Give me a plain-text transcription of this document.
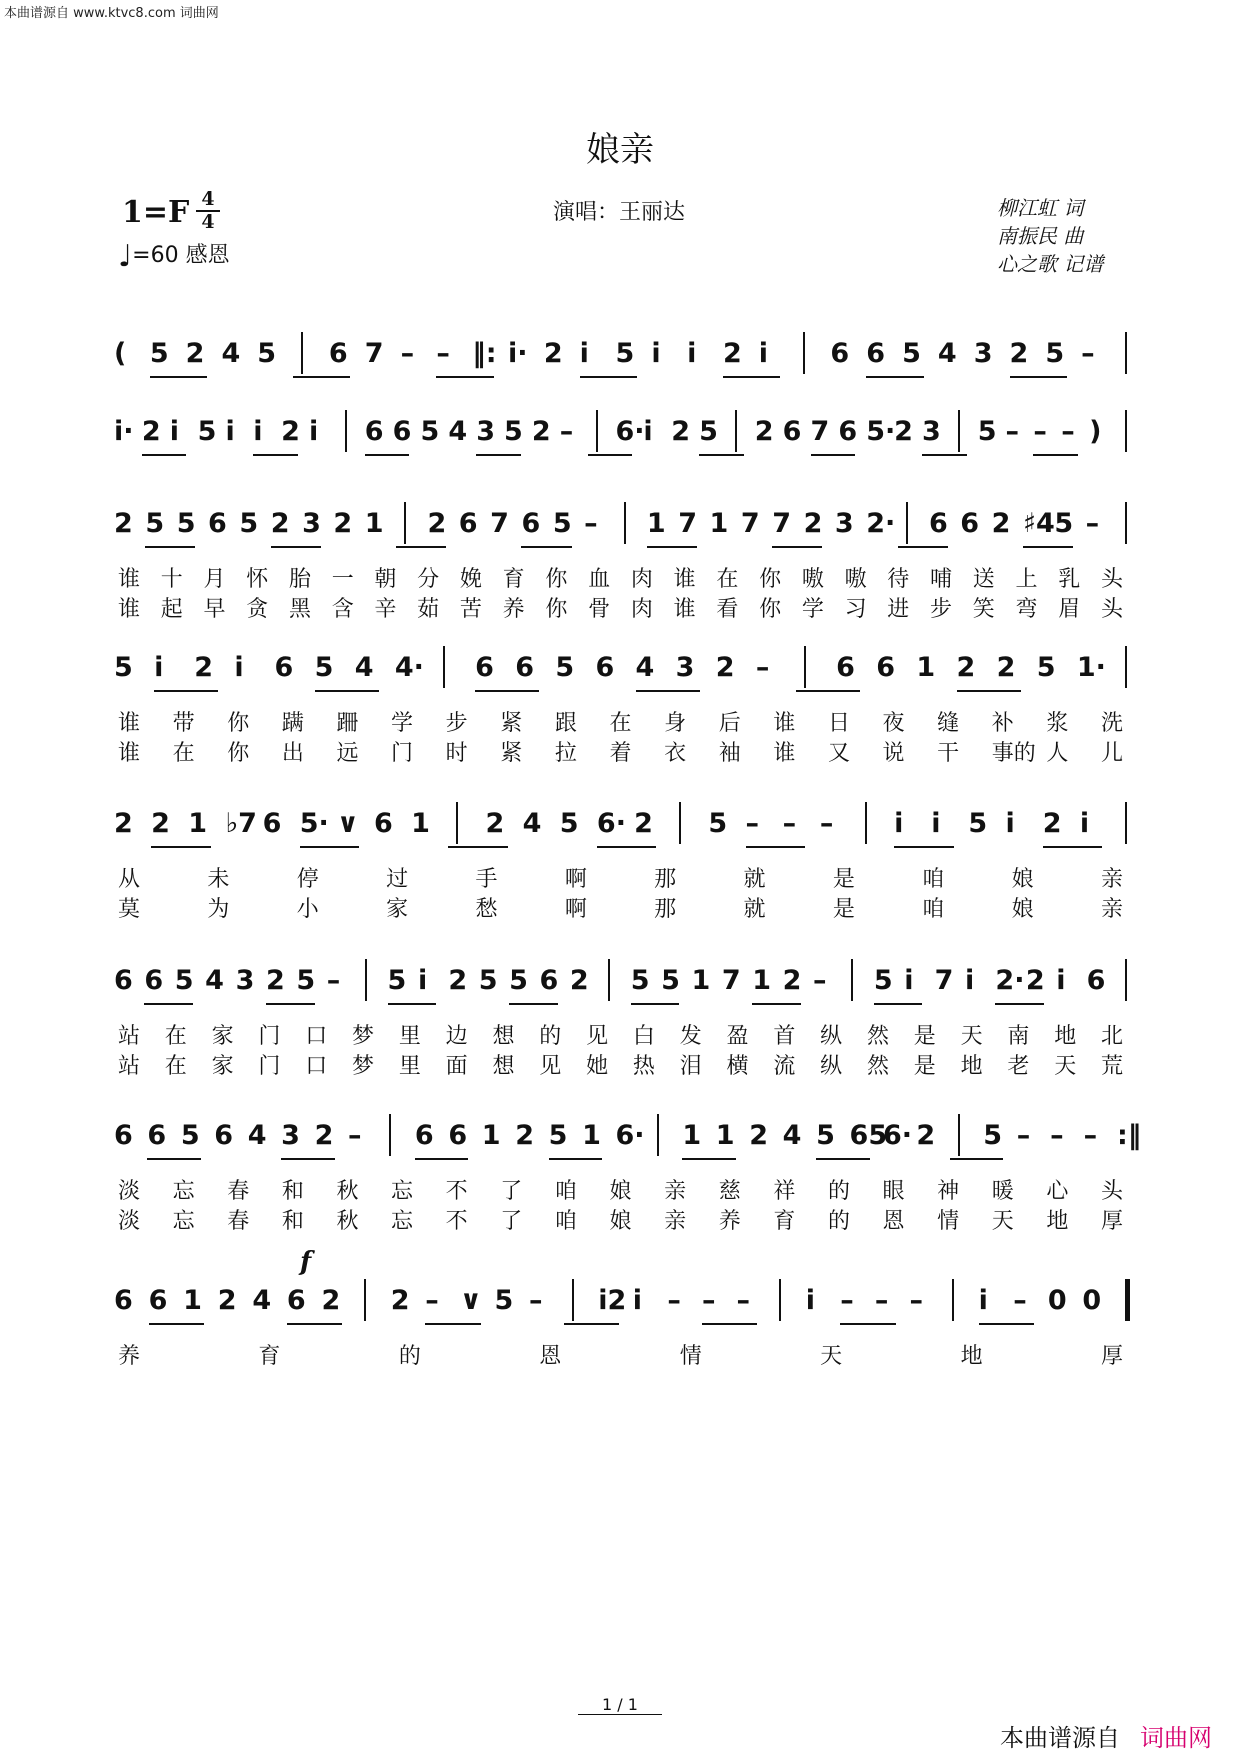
本曲谱源自 www.ktvc8.com 词曲网
娘亲
1=F 4
4
♩=60 感恩
演唱：王丽达	柳江虹 词
南振民 曲
心之歌 记谱
( 5 2 4 5 6 7 – – ‖: i· 2 i 5 i i 2 i 6 6 5 4 3 2 5 –
i· 2 i 5 i i 2 i 6 6 5 4 3 5 2 – 6·
i 2 5 2 6 7 6 5·
2 3 5 – – – )
2 5 5 6 5 2 3 2 1 2 6 7 6 5 – 1 7 1 7 7 2 3 2· 6 6 2 ♯4 5 –
谁 十 月 怀 胎 一 朝 分 娩 育 你 血 肉 谁 在 你 嗷 嗷 待 哺 送 上 乳 头
谁 起 早 贪 黑 含 辛 茹 苦 养 你 骨 肉 谁 看 你 学 习 进 步 笑 弯 眉 头
5 i 2 i 6 5 4 4· 6 6 5 6 4 3 2 – 6 6 1 2 2 5 1·
谁 带 你 蹒 跚 学 步 紧 跟 在 身 后 谁 日 夜 缝 补 浆 洗
谁 在 你 出 远 门 时 紧 拉 着 衣 袖 谁 又 说 干 事的 人 儿
2 2 1 ♭7 6 5· ∨ 6 1 2 4 5 6· 2 5 – – – i i 5 i 2 i
从	未	停	过	手	啊	那	就	是	咱	娘	亲
莫	为	小	家	愁	啊	那	就	是	咱	娘	亲
6 6 5 4 3 2 5 – 5 i 2 5 5 6 2 5 5 1 7 1 2 – 5 i 7 i 2· 2 i 6
站 在 家 门 口 梦 里 边 想 的 见 白 发 盈 首 纵 然 是 天 南 地 北
站 在 家 门 口 梦 里 面 想 见 她 热 泪 横 流 纵 然 是 地 老 天 荒
6 6 5 6 4 3 2 – 6 6 1 2 5 1 6· 1 1 2 4 5 65
6· 2 5 – – – :‖
淡 忘 春 和 秋 忘 不 了 咱 娘 亲 慈 祥 的 眼 神 暖 心 头
淡 忘 春 和 秋 忘 不 了 咱 娘 亲 养 育 的 恩 情 天 地 厚
6 6 1 2 4 6 2 2 – ∨ 5 – i2 i – – – i – – – i – 0 0
养	育	的	恩	情	天	地	厚
f
1 / 1
本曲谱源自 词曲网
